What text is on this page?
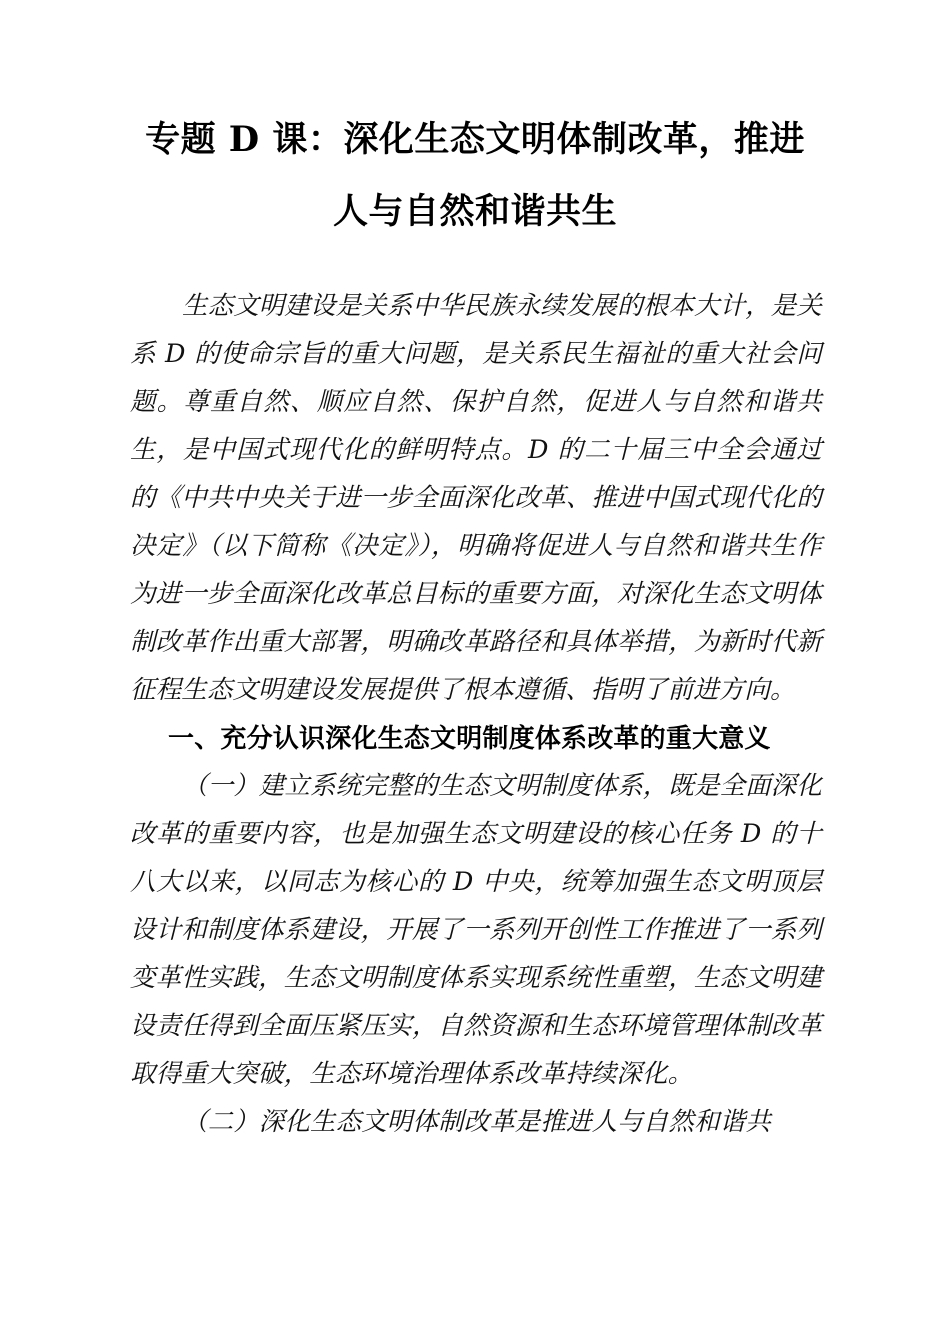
专题 D 课：深化生态文明体制改革，推进
人与自然和谐共生

生态文明建设是关系中华民族永续发展的根本大计，是关系 D 的使命宗旨的重大问题，是关系民生福祉的重大社会问题。尊重自然、顺应自然、保护自然，促进人与自然和谐共生，是中国式现代化的鲜明特点。D 的二十届三中全会通过的《中共中央关于进一步全面深化改革、推进中国式现代化的决定》（以下简称《决定》），明确将促进人与自然和谐共生作为进一步全面深化改革总目标的重要方面，对深化生态文明体制改革作出重大部署，明确改革路径和具体举措，为新时代新征程生态文明建设发展提供了根本遵循、指明了前进方向。

一、充分认识深化生态文明制度体系改革的重大意义

（一）建立系统完整的生态文明制度体系，既是全面深化改革的重要内容，也是加强生态文明建设的核心任务 D 的十八大以来，以同志为核心的 D 中央，统筹加强生态文明顶层设计和制度体系建设，开展了一系列开创性工作推进了一系列变革性实践，生态文明制度体系实现系统性重塑，生态文明建设责任得到全面压紧压实，自然资源和生态环境管理体制改革取得重大突破，生态环境治理体系改革持续深化。

（二）深化生态文明体制改革是推进人与自然和谐共
